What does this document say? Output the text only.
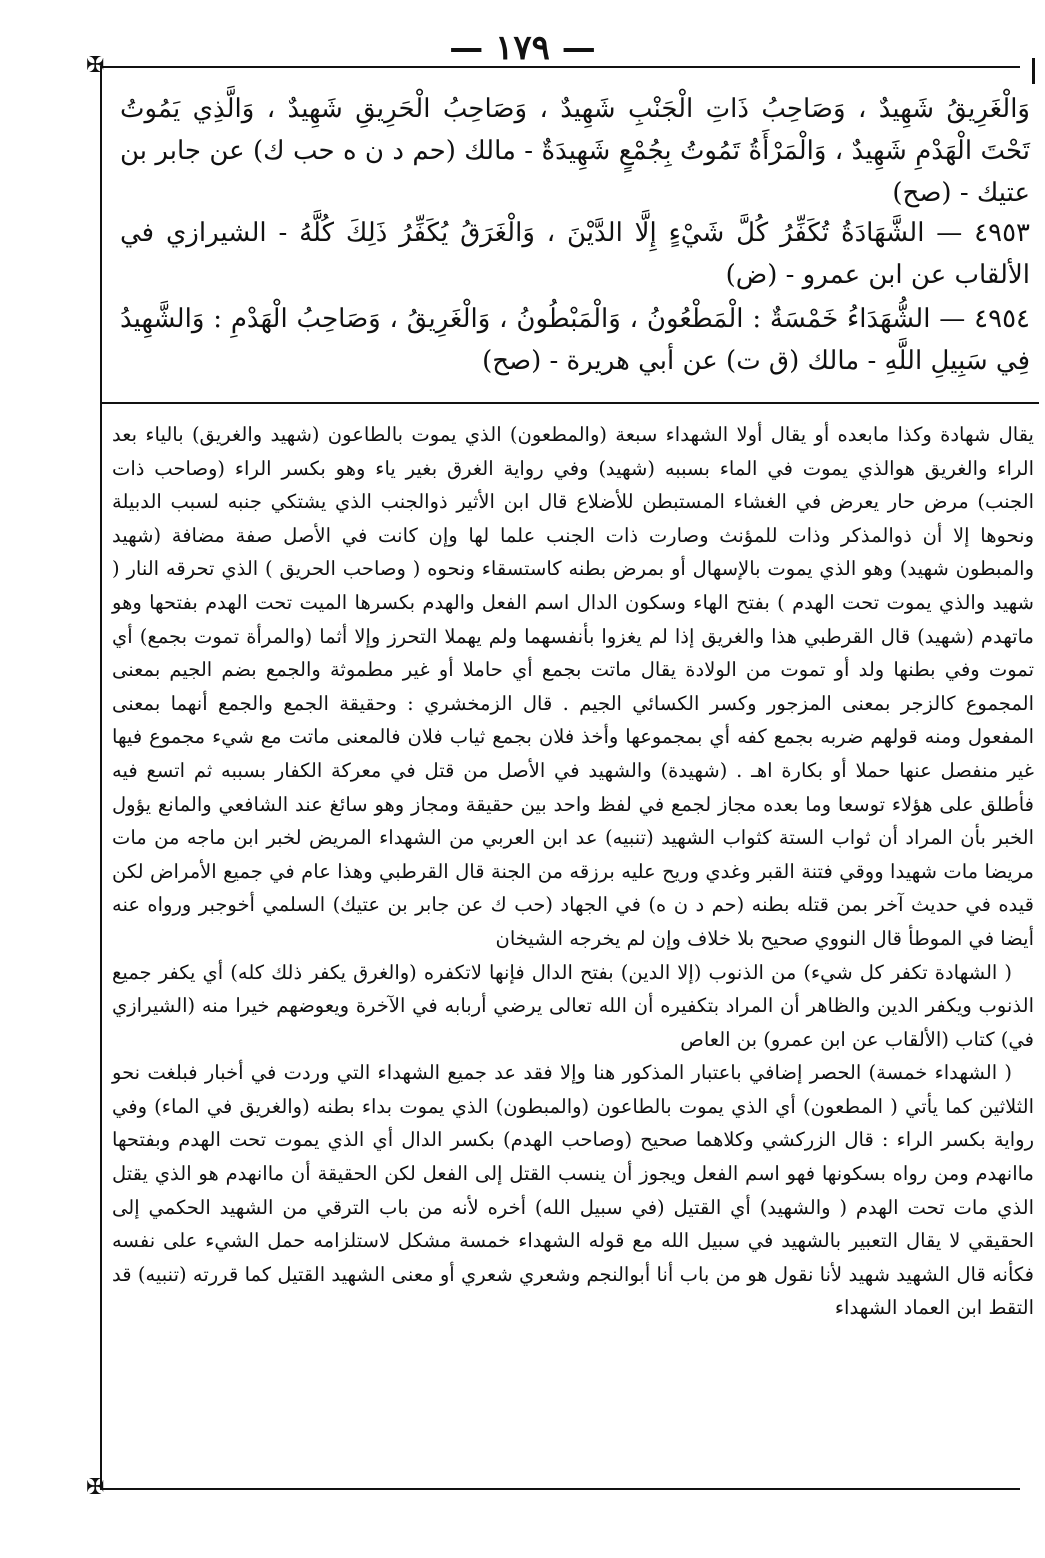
— ١٧٩ —
✠
✠

وَالْغَرِيقُ شَهِيدٌ ، وَصَاحِبُ ذَاتِ الْجَنْبِ شَهِيدٌ ، وَصَاحِبُ الْحَرِيقِ شَهِيدٌ ، وَالَّذِي يَمُوتُ تَحْتَ الْهَدْمِ شَهِيدٌ ، وَالْمَرْأَةُ تَمُوتُ بِجُمْعٍ شَهِيدَةٌ - مالك (حم د ن ه حب ك) عن جابر بن عتيك - (صح)

٤٩٥٣ — الشَّهَادَةُ تُكَفِّرُ كُلَّ شَيْءٍ إِلَّا الدَّيْنَ ، وَالْغَرَقُ يُكَفِّرُ ذَلِكَ كُلَّهُ - الشيرازي في الألقاب عن ابن عمرو - (ض)

٤٩٥٤ — الشُّهَدَاءُ خَمْسَةٌ : الْمَطْعُونُ ، وَالْمَبْطُونُ ، وَالْغَرِيقُ ، وَصَاحِبُ الْهَدْمِ : وَالشَّهِيدُ فِي سَبِيلِ اللَّهِ - مالك (ق ت) عن أبي هريرة - (صح)

يقال شهادة وكذا مابعده أو يقال أولا الشهداء سبعة (والمطعون) الذي يموت بالطاعون (شهيد والغريق) بالياء بعد الراء والغريق هوالذي يموت في الماء بسببه (شهيد) وفي رواية الغرق بغير ياء وهو بكسر الراء (وصاحب ذات الجنب) مرض حار يعرض في الغشاء المستبطن للأضلاع قال ابن الأثير ذوالجنب الذي يشتكي جنبه لسبب الدبيلة ونحوها إلا أن ذوالمذكر وذات للمؤنث وصارت ذات الجنب علما لها وإن كانت في الأصل صفة مضافة (شهيد والمبطون شهيد) وهو الذي يموت بالإسهال أو بمرض بطنه كاستسقاء ونحوه ( وصاحب الحريق ) الذي تحرقه النار ( شهيد والذي يموت تحت الهدم ) بفتح الهاء وسكون الدال اسم الفعل والهدم بكسرها الميت تحت الهدم بفتحها وهو ماتهدم (شهيد) قال القرطبي هذا والغريق إذا لم يغزوا بأنفسهما ولم يهملا التحرز وإلا أثما (والمرأة تموت بجمع) أي تموت وفي بطنها ولد أو تموت من الولادة يقال ماتت بجمع أي حاملا أو غير مطموثة والجمع بضم الجيم بمعنى المجموع كالزجر بمعنى المزجور وكسر الكسائي الجيم . قال الزمخشري : وحقيقة الجمع والجمع أنهما بمعنى المفعول ومنه قولهم ضربه بجمع كفه أي بمجموعها وأخذ فلان بجمع ثياب فلان فالمعنى ماتت مع شيء مجموع فيها غير منفصل عنها حملا أو بكارة اهـ . (شهيدة) والشهيد في الأصل من قتل في معركة الكفار بسببه ثم اتسع فيه فأطلق على هؤلاء توسعا وما بعده مجاز لجمع في لفظ واحد بين حقيقة ومجاز وهو سائغ عند الشافعي والمانع يؤول الخبر بأن المراد أن ثواب الستة كثواب الشهيد (تنبيه) عد ابن العربي من الشهداء المريض لخبر ابن ماجه من مات مريضا مات شهيدا ووقي فتنة القبر وغدي وريح عليه برزقه من الجنة قال القرطبي وهذا عام في جميع الأمراض لكن قيده في حديث آخر بمن قتله بطنه (حم د ن ه) في الجهاد (حب ك عن جابر بن عتيك) السلمي أخوجبر ورواه عنه أيضا في الموطأ قال النووي صحيح بلا خلاف وإن لم يخرجه الشيخان

( الشهادة تكفر كل شيء) من الذنوب (إلا الدين) بفتح الدال فإنها لاتكفره (والغرق يكفر ذلك كله) أي يكفر جميع الذنوب ويكفر الدين والظاهر أن المراد بتكفيره أن الله تعالى يرضي أربابه في الآخرة ويعوضهم خيرا منه (الشيرازي في) كتاب (الألقاب عن ابن عمرو) بن العاص

( الشهداء خمسة) الحصر إضافي باعتبار المذكور هنا وإلا فقد عد جميع الشهداء التي وردت في أخبار فبلغت نحو الثلاثين كما يأتي ( المطعون) أي الذي يموت بالطاعون (والمبطون) الذي يموت بداء بطنه (والغريق في الماء) وفي رواية بكسر الراء : قال الزركشي وكلاهما صحيح (وصاحب الهدم) بكسر الدال أي الذي يموت تحت الهدم وبفتحها ماانهدم ومن رواه بسكونها فهو اسم الفعل ويجوز أن ينسب القتل إلى الفعل لكن الحقيقة أن ماانهدم هو الذي يقتل الذي مات تحت الهدم ( والشهيد) أي القتيل (في سبيل الله) أخره لأنه من باب الترقي من الشهيد الحكمي إلى الحقيقي لا يقال التعبير بالشهيد في سبيل الله مع قوله الشهداء خمسة مشكل لاستلزامه حمل الشيء على نفسه فكأنه قال الشهيد شهيد لأنا نقول هو من باب أنا أبوالنجم وشعري شعري أو معنى الشهيد القتيل كما قررته (تنبيه) قد التقط ابن العماد الشهداء
